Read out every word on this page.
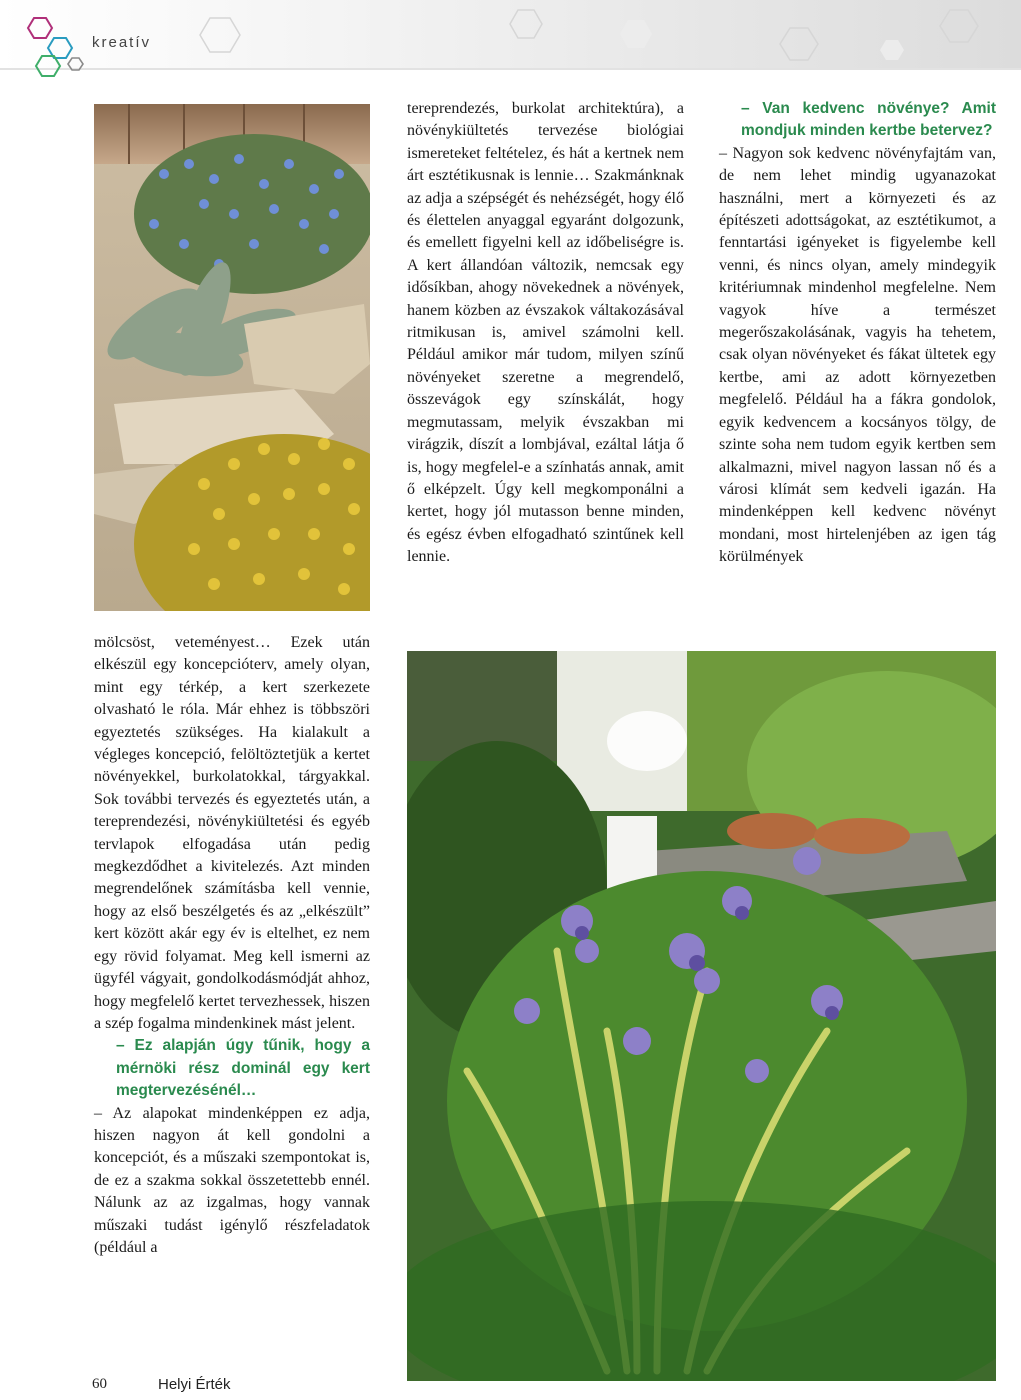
kreatív

mölcsöst, veteményest… Ezek után elkészül egy koncepcióterv, amely olyan, mint egy térkép, a kert szerkezete olvasható le róla. Már ehhez is többszöri egyeztetés szükséges. Ha kialakult a végleges koncepció, felöltöztetjük a kertet növényekkel, burkolatokkal, tárgyakkal. Sok további tervezés és egyeztetés után, a tereprendezési, növénykiültetési és egyéb tervlapok elfogadása után pedig megkezdődhet a kivitelezés. Azt minden megrendelőnek számításba kell vennie, hogy az első beszélgetés és az „elkészült” kert között akár egy év is eltelhet, ez nem egy rövid folyamat. Meg kell ismerni az ügyfél vágyait, gondolkodásmódját ahhoz, hogy megfelelő kertet tervezhessek, hiszen a szép fogalma mindenkinek mást jelent.

– Ez alapján úgy tűnik, hogy a mérnöki rész dominál egy kert megtervezésénél…

– Az alapokat mindenképpen ez adja, hiszen nagyon át kell gondolni a koncepciót, és a műszaki szempontokat is, de ez a szakma sokkal összetettebb ennél. Nálunk az az izgalmas, hogy vannak műszaki tudást igénylő részfeladatok (például a

tereprendezés, burkolat architektúra), a növénykiültetés tervezése biológiai ismereteket feltételez, és hát a kertnek nem árt esztétikusnak is lennie… Szakmánknak az adja a szépségét és nehézségét, hogy élő és élettelen anyaggal egyaránt dolgozunk, és emellett figyelni kell az időbeliségre is. A kert állandóan változik, nemcsak egy idősíkban, ahogy növekednek a növények, hanem közben az évszakok váltakozásával ritmikusan is, amivel számolni kell. Például amikor már tudom, milyen színű növényeket szeretne a megrendelő, összevágok egy színskálát, hogy megmutassam, melyik évszakban mi virágzik, díszít a lombjával, ezáltal látja ő is, hogy megfelel-e a színhatás annak, amit ő elképzelt. Úgy kell megkomponálni a kertet, hogy jól mutasson benne minden, és egész évben elfogadható szintűnek kell lennie.

– Van kedvenc növénye? Amit mondjuk minden kertbe betervez?

– Nagyon sok kedvenc növényfajtám van, de nem lehet mindig ugyanazokat használni, mert a környezeti és az építészeti adottságokat, az esztétikumot, a fenntartási igényeket is figyelembe kell venni, és nincs olyan, amely mindegyik kritériumnak mindenhol megfelelne. Nem vagyok híve a természet megerőszakolásának, vagyis ha tehetem, csak olyan növényeket és fákat ültetek egy kertbe, ami az adott környezetben megfelelő. Például ha a fákra gondolok, egyik kedvencem a kocsányos tölgy, de szinte soha nem tudom egyik kertben sem alkalmazni, mivel nagyon lassan nő és a városi klímát sem kedveli igazán. Ha mindenképpen kell kedvenc növényt mondani, most hirtelenjében az igen tág körülmények

60	Helyi Érték
